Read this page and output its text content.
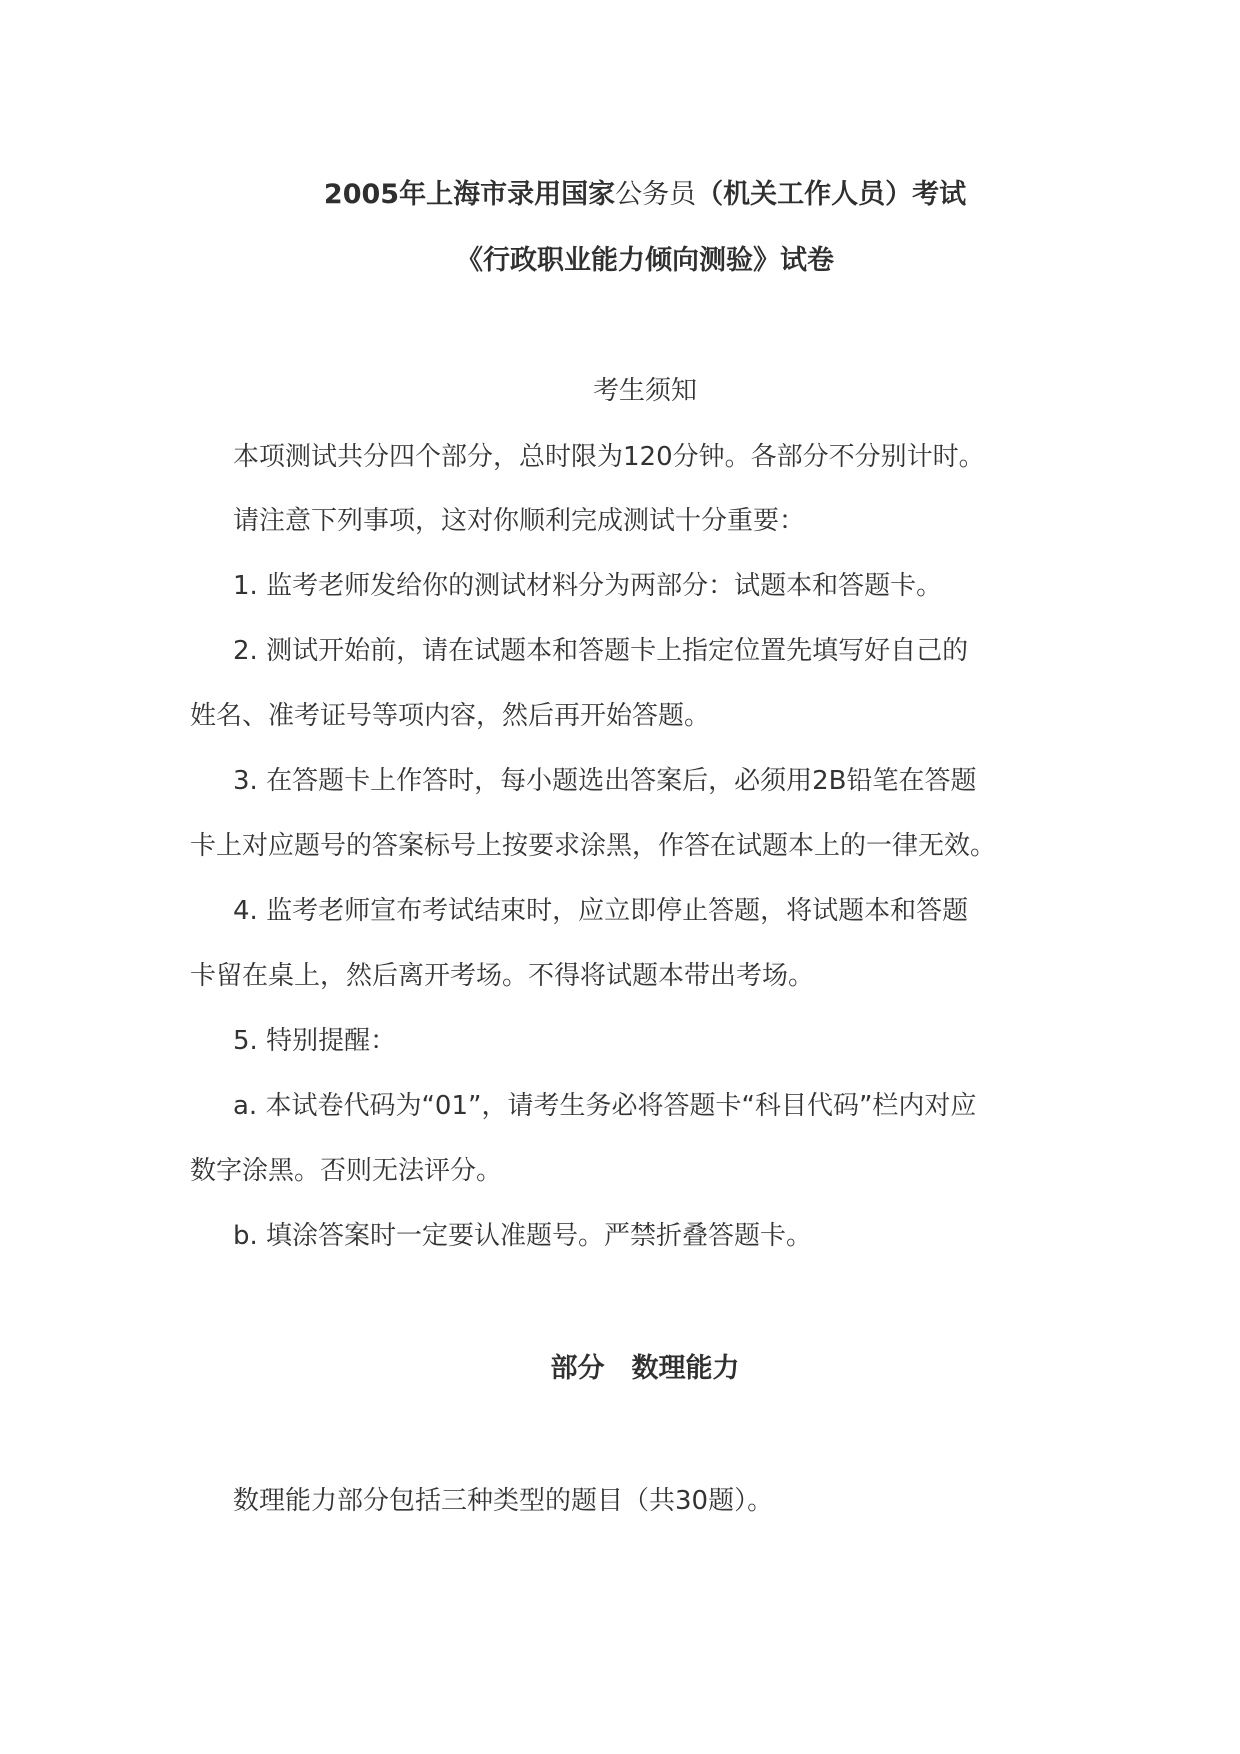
2005年上海市录用国家公务员（机关工作人员）考试
《行政职业能力倾向测验》试卷
考生须知
本项测试共分四个部分，总时限为120分钟。各部分不分别计时。
请注意下列事项，这对你顺利完成测试十分重要：
1. 监考老师发给你的测试材料分为两部分：试题本和答题卡。
2. 测试开始前，请在试题本和答题卡上指定位置先填写好自己的
姓名、准考证号等项内容，然后再开始答题。
3. 在答题卡上作答时，每小题选出答案后，必须用2B铅笔在答题
卡上对应题号的答案标号上按要求涂黑，作答在试题本上的一律无效。
4. 监考老师宣布考试结束时，应立即停止答题，将试题本和答题
卡留在桌上，然后离开考场。不得将试题本带出考场。
5. 特别提醒：
a. 本试卷代码为“01”，请考生务必将答题卡“科目代码”栏内对应
数字涂黑。否则无法评分。
b. 填涂答案时一定要认准题号。严禁折叠答题卡。
部分　数理能力
数理能力部分包括三种类型的题目（共30题）。
